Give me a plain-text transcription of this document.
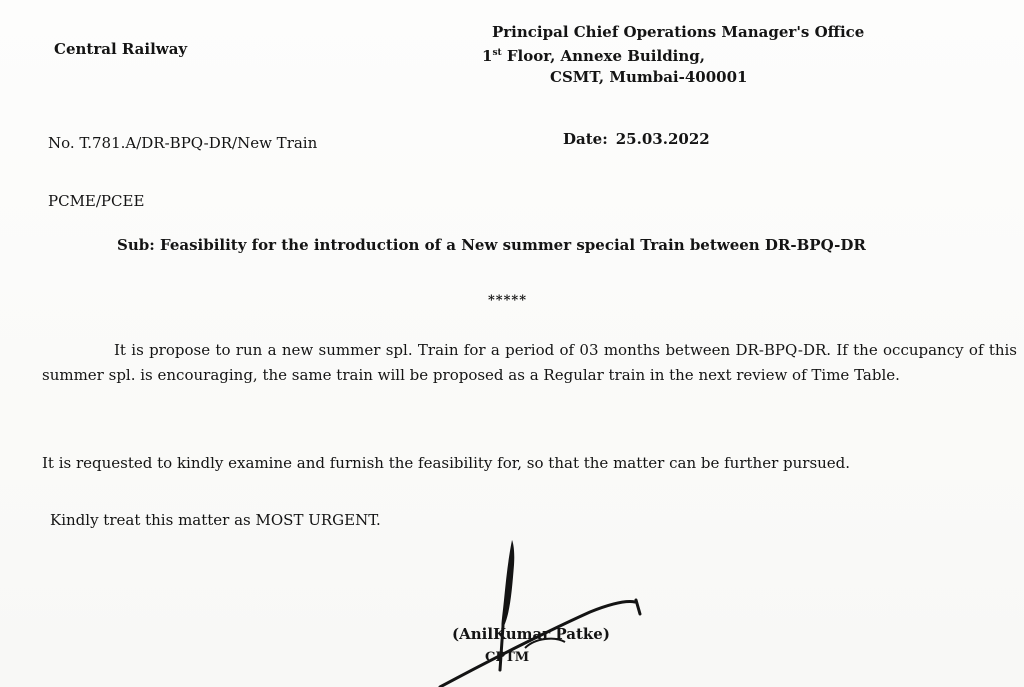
Central Railway
Principal Chief Operations Manager's Office
1st Floor, Annexe Building,
CSMT, Mumbai-400001
No. T.781.A/DR-BPQ-DR/New Train	Date: 25.03.2022
PCME/PCEE
Sub: Feasibility for the introduction of a New summer special Train between DR-BPQ-DR
*****
It is propose to run a new summer spl. Train for a period of 03 months between DR-BPQ-DR. If the occupancy of this summer spl. is encouraging, the same train will be proposed as a Regular train in the next review of Time Table.
It is requested to kindly examine and furnish the feasibility for, so that the matter can be further pursued.
Kindly treat this matter as MOST URGENT.
(AnilKumar Patke)
CPTM
